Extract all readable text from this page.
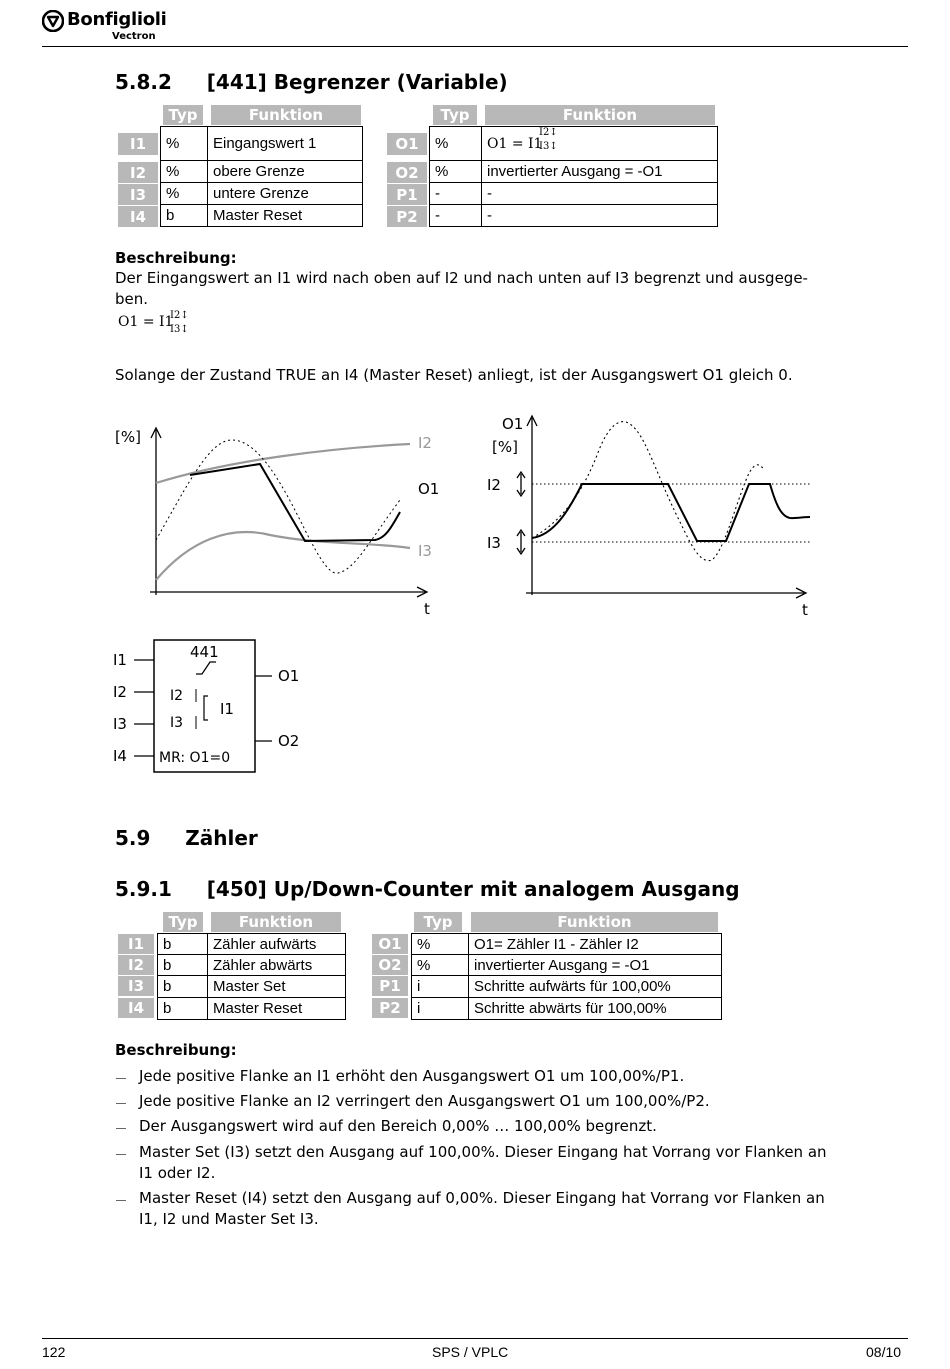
Bonfiglioli
Vectron
5.8.2     [441] Begrenzer (Variable)
Typ	Funktion	Typ	Funktion
I1	%	Eingangswert 1
I2	%	obere Grenze
I3	%	untere Grenze
I4	b	Master Reset
O1	%	O1 = I1
I2↕
I3↕
O2	%	invertierter Ausgang = -O1
P1	-	-
P2	-	-
Beschreibung:
Der Eingangswert an I1 wird nach oben auf I2 und nach unten auf I3 begrenzt und ausgege-
ben.
O1 = I1
I2↕
I3↕
Solange der Zustand TRUE an I4 (Master Reset) anliegt, ist der Ausgangswert O1 gleich 0.
[%]	I2
O1
I3
t
O1
[%]
I2
I3
t
441
I1
I2
I3
I4
O1
O2
I2
I3
I1
MR: O1=0
5.9     Zähler
5.9.1     [450] Up/Down-Counter mit analogem Ausgang
Typ	Funktion	Typ	Funktion
I1	b	Zähler aufwärts
I2	b	Zähler abwärts
I3	b	Master Set
I4	b	Master Reset
O1	%	O1= Zähler I1 - Zähler I2
O2	%	invertierter Ausgang = -O1
P1	i	Schritte aufwärts für 100,00%
P2	i	Schritte abwärts für 100,00%
Beschreibung:
Jede positive Flanke an I1 erhöht den Ausgangswert O1 um 100,00%/P1.
Jede positive Flanke an I2 verringert den Ausgangswert O1 um 100,00%/P2.
Der Ausgangswert wird auf den Bereich 0,00% … 100,00% begrenzt.
Master Set (I3) setzt den Ausgang auf 100,00%. Dieser Eingang hat Vorrang vor Flanken an
I1 oder I2.
Master Reset (I4) setzt den Ausgang auf 0,00%. Dieser Eingang hat Vorrang vor Flanken an
I1, I2 und Master Set I3.
122	SPS / VPLC	08/10
